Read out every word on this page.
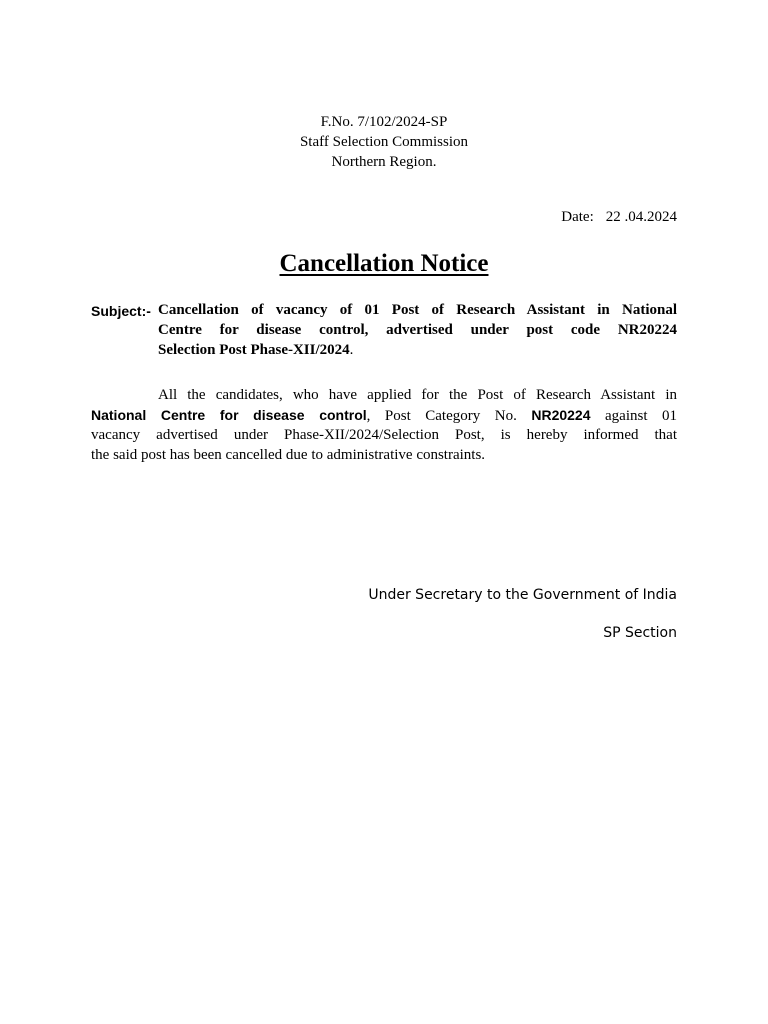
F.No. 7/102/2024-SP
Staff Selection Commission
Northern Region.
Date: 22 .04.2024
Cancellation Notice
Subject:- Cancellation of vacancy of 01 Post of Research Assistant in National
Centre for disease control, advertised under post code NR20224
Selection Post Phase-XII/2024.
All the candidates, who have applied for the Post of Research Assistant in
National Centre for disease control, Post Category No. NR20224 against 01
vacancy advertised under Phase-XII/2024/Selection Post, is hereby informed that
the said post has been cancelled due to administrative constraints.
Under Secretary to the Government of India
SP Section
